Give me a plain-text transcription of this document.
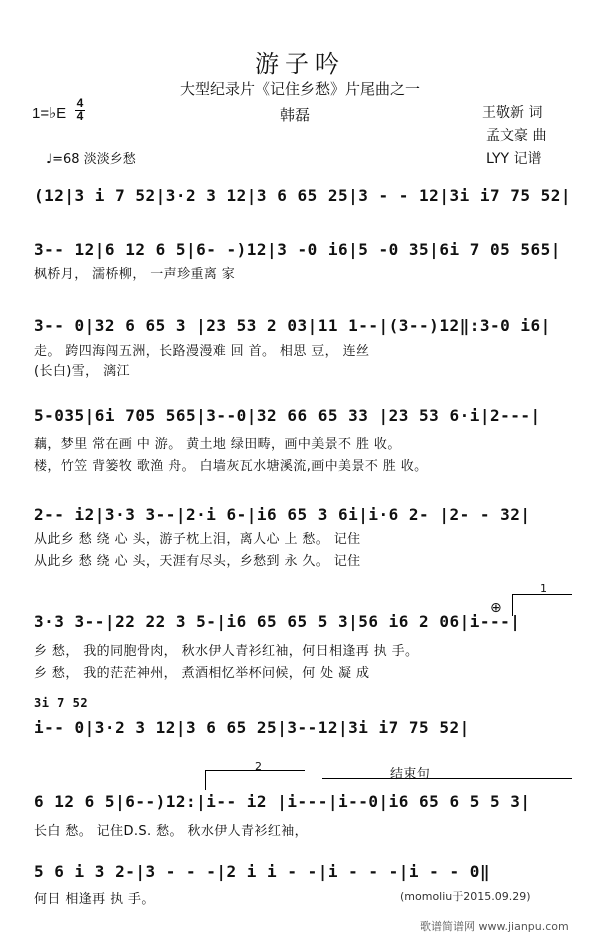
游子吟
大型纪录片《记住乡愁》片尾曲之一
1=♭E
4
4	韩磊	王敬新 词
孟文豪 曲
LYY 记谱
♩=68 淡淡乡愁
(12|3 i 7 52|3·2 3 12|3 6 65 25|3 - - 12|3i i7 75 52|
3-- 12|6 12 6 5|6- -)12|3 -0 i6|5 -0 35|6i 7 05 565|
枫桥月， 濡桥柳， 一声珍重离 家
3-- 0|32 6 65 3 |23 53 2 03|11 1--|(3--)12‖:3-0 i6|
走。 跨四海闯五洲，长路漫漫难 回 首。 相思 豆， 连丝
(长白)雪， 漓江
5-035|6i 705 565|3--0|32 66 65 33 |23 53 6·i|2---|
藕，梦里 常在画 中 游。 黄土地 绿田畴，画中美景不 胜 收。
楼，竹笠 背篓牧 歌渔 舟。 白墙灰瓦水塘溪流,画中美景不 胜 收。
2-- i2|3·3 3--|2·i 6-|i6 65 3 6i|i·6 2- |2- - 32|
从此乡 愁 绕 心 头，游子枕上泪，离人心 上 愁。 记住
从此乡 愁 绕 心 头，天涯有尽头，乡愁到 永 久。 记住
1
⊕
3·3 3--|22 22 3 5-|i6 65 65 5 3|56 i6 2 06|i---|
乡 愁， 我的同胞骨肉， 秋水伊人青衫红袖，何日相逢再 执 手。
乡 愁， 我的茫茫神州， 煮酒相忆举杯问候，何 处 凝 成
3i 7 52
i-- 0|3·2 3 12|3 6 65 25|3--12|3i i7 75 52|
2
结束句
6 12 6 5|6--)12:|i-- i2 |i---|i--0|i6 65 6 5 5 3|
长白 愁。 记住D.S. 愁。 秋水伊人青衫红袖，
5 6 i 3 2-|3 - - -|2 i i - -|i - - -|i - - 0‖
何日 相逢再 执 手。	(momoliu于2015.09.29)
歌谱简谱网 www.jianpu.com
